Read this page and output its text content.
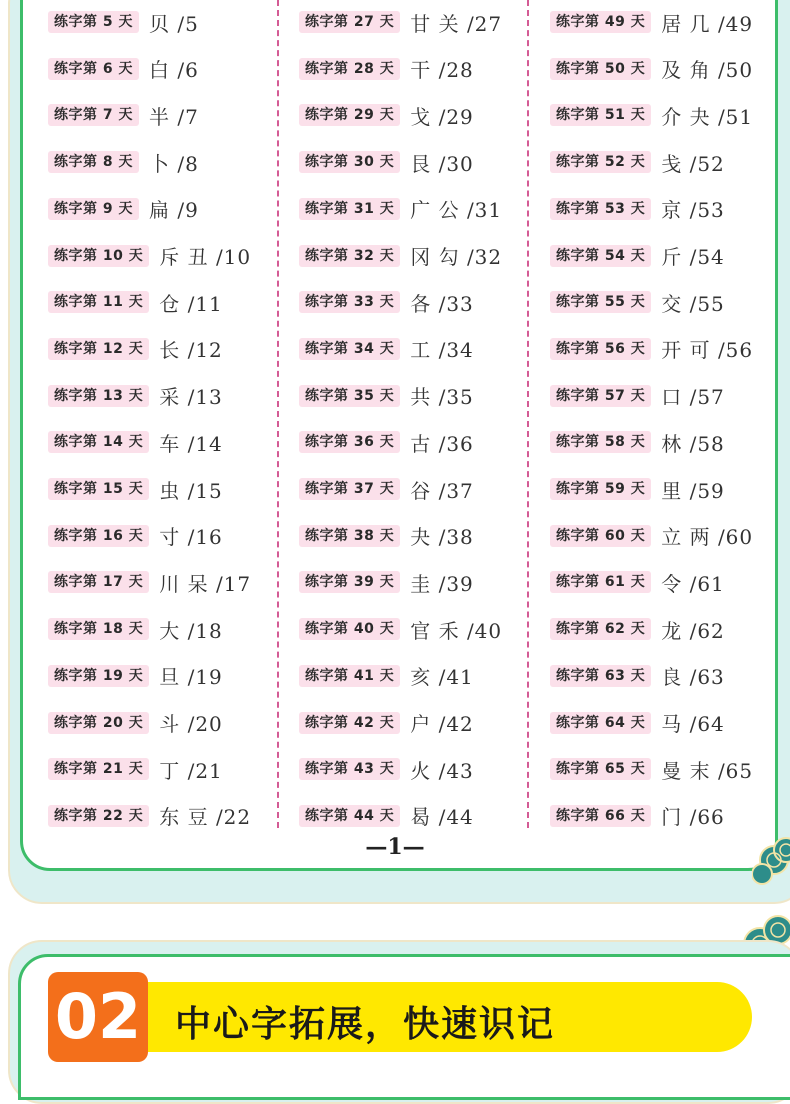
练字第 5 天 贝 /5
练字第 6 天 白 /6
练字第 7 天 半 /7
练字第 8 天 卜 /8
练字第 9 天 扁 /9
练字第 10 天 斥 丑 /10
练字第 11 天 仓 /11
练字第 12 天 长 /12
练字第 13 天 采 /13
练字第 14 天 车 /14
练字第 15 天 虫 /15
练字第 16 天 寸 /16
练字第 17 天 川 呆 /17
练字第 18 天 大 /18
练字第 19 天 旦 /19
练字第 20 天 斗 /20
练字第 21 天 丁 /21
练字第 22 天 东 豆 /22
练字第 27 天 甘 关 /27
练字第 28 天 干 /28
练字第 29 天 戈 /29
练字第 30 天 艮 /30
练字第 31 天 广 公 /31
练字第 32 天 冈 勾 /32
练字第 33 天 各 /33
练字第 34 天 工 /34
练字第 35 天 共 /35
练字第 36 天 古 /36
练字第 37 天 谷 /37
练字第 38 天 夬 /38
练字第 39 天 圭 /39
练字第 40 天 官 禾 /40
练字第 41 天 亥 /41
练字第 42 天 户 /42
练字第 43 天 火 /43
练字第 44 天 曷 /44
练字第 49 天 居 几 /49
练字第 50 天 及 角 /50
练字第 51 天 介 夬 /51
练字第 52 天 戋 /52
练字第 53 天 京 /53
练字第 54 天 斤 /54
练字第 55 天 交 /55
练字第 56 天 开 可 /56
练字第 57 天 口 /57
练字第 58 天 林 /58
练字第 59 天 里 /59
练字第 60 天 立 两 /60
练字第 61 天 令 /61
练字第 62 天 龙 /62
练字第 63 天 良 /63
练字第 64 天 马 /64
练字第 65 天 曼 末 /65
练字第 66 天 门 /66
—1—
02 中心字拓展，快速识记
